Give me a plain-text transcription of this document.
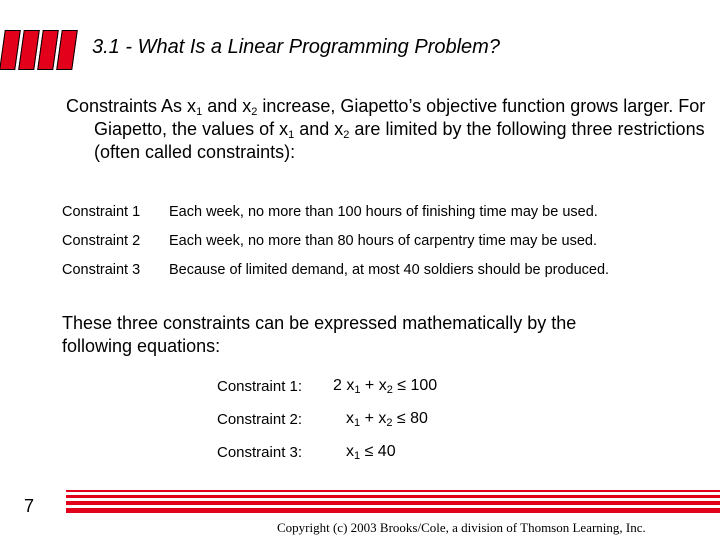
3.1 - What Is a Linear Programming Problem?
Constraints As $x_1$ and $x_2$ increase, Giapetto’s objective function grows larger. For Giapetto, the values of $x_1$ and $x_2$ are limited by the following three restrictions (often called constraints):
Constraint 1 Each week, no more than 100 hours of finishing time may be used.
Constraint 2 Each week, no more than 80 hours of carpentry time may be used.
Constraint 3 Because of limited demand, at most 40 soldiers should be produced.
These three constraints can be expressed mathematically by the following equations:
Constraint 1: 2 $x_1 + x_2 \le 100$
Constraint 2:	$x_1 + x_2 \le 80$
Constraint 3:	$x_1 \le 40$
7
Copyright (c) 2003 Brooks/Cole, a division of Thomson Learning, Inc.
